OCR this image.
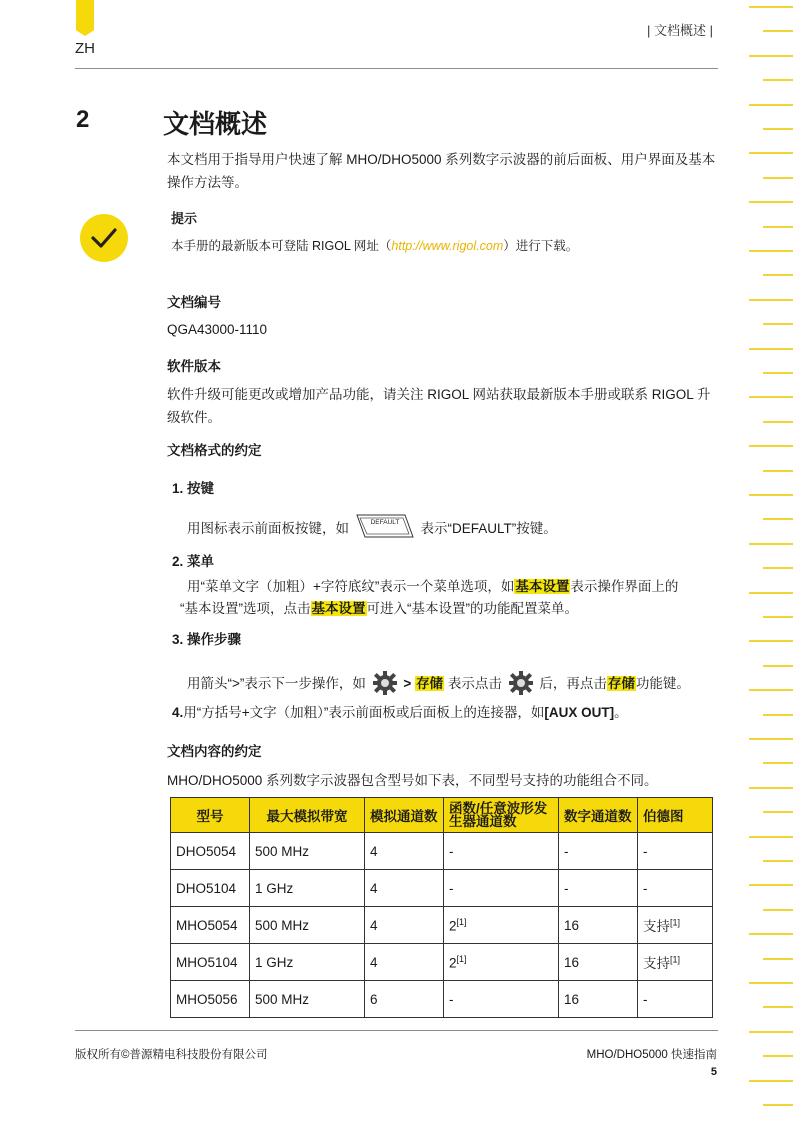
ZH
| 文档概述 |
2	文档概述
本文档用于指导用户快速了解 MHO/DHO5000 系列数字示波器的前后面板、用户界面及基本操作方法等。
提示
本手册的最新版本可登陆 RIGOL 网址（http://www.rigol.com）进行下载。
文档编号
QGA43000-1110
软件版本
软件升级可能更改或增加产品功能，请关注 RIGOL 网站获取最新版本手册或联系 RIGOL 升级软件。
文档格式的约定
1. 按键
用图标表示前面板按键，如	DEFAULT 表示“DEFAULT”按键。
2. 菜单
用“菜单文字（加粗）+字符底纹”表示一个菜单选项，如基本设置表示操作界面上的
“基本设置”选项，点击基本设置可进入“基本设置”的功能配置菜单。
3. 操作步骤
用箭头“>”表示下一步操作，如	> 存储 表示点击	后，再点击存储功能键。
4.用“方括号+文字（加粗）”表示前面板或后面板上的连接器，如[AUX OUT]。
文档内容的约定
MHO/DHO5000 系列数字示波器包含型号如下表，不同型号支持的功能组合不同。
型号	最大模拟带宽	模拟通道数	函数/任意波形发生器通道数	数字通道数	伯德图
DHO5054	500 MHz	4	-	-	-
DHO5104	1 GHz	4	-	-	-
MHO5054	500 MHz	4	2[1]	16	支持[1]
MHO5104	1 GHz	4	2[1]	16	支持[1]
MHO5056	500 MHz	6	-	16	-
版权所有©普源精电科技股份有限公司	MHO/DHO5000 快速指南
5
